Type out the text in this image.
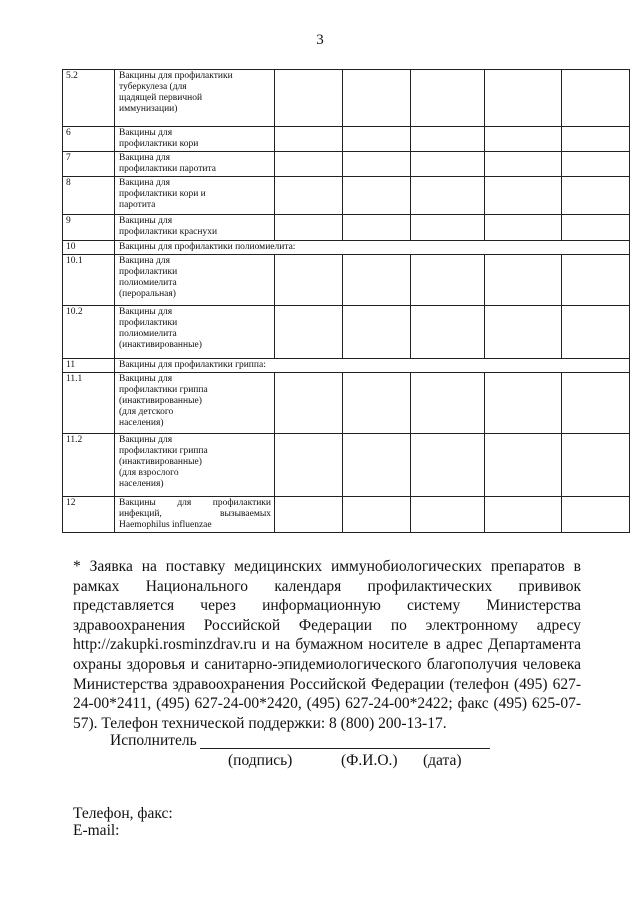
3
5.2	Вакцины для профилактики
туберкулеза (для
щадящей первичной
иммунизации)					

6	Вакцины для
профилактики кори					

7	Вакцина для
профилактики паротита					

8	Вакцина для
профилактики кори и
паротита					

9	Вакцины для
профилактики краснухи					

10	Вакцины для профилактики полиомиелита:					
10.1	Вакцина для
профилактики
полиомиелита
(пероральная)					

10.2	Вакцины для
профилактики
полиомиелита
(инактивированные)					

11	Вакцины для профилактики гриппа:					
11.1	Вакцины для
профилактики гриппа
(инактивированные)
(для детского
населения)					

11.2	Вакцины для
профилактики гриппа
(инактивированные)
(для взрослого
населения)					

12	Вакцины для профилактики
инфекций, вызываемых
Haemophilus influenzae					

* Заявка на поставку медицинских иммунобиологических препаратов в
рамках Национального календаря профилактических прививок
представляется через информационную систему Министерства
здравоохранения Российской Федерации по электронному адресу
http://zakupki.rosminzdrav.ru и на бумажном носителе в адрес Департамента
охраны здоровья и санитарно-эпидемиологического благополучия человека
Министерства здравоохранения Российской Федерации (телефон (495) 627-
24-00*2411, (495) 627-24-00*2420, (495) 627-24-00*2422; факс (495) 625-07-
57). Телефон технической поддержки: 8 (800) 200-13-17.
Исполнитель
(подпись)	(Ф.И.О.) (дата)
Телефон, факс:
E-mail:
